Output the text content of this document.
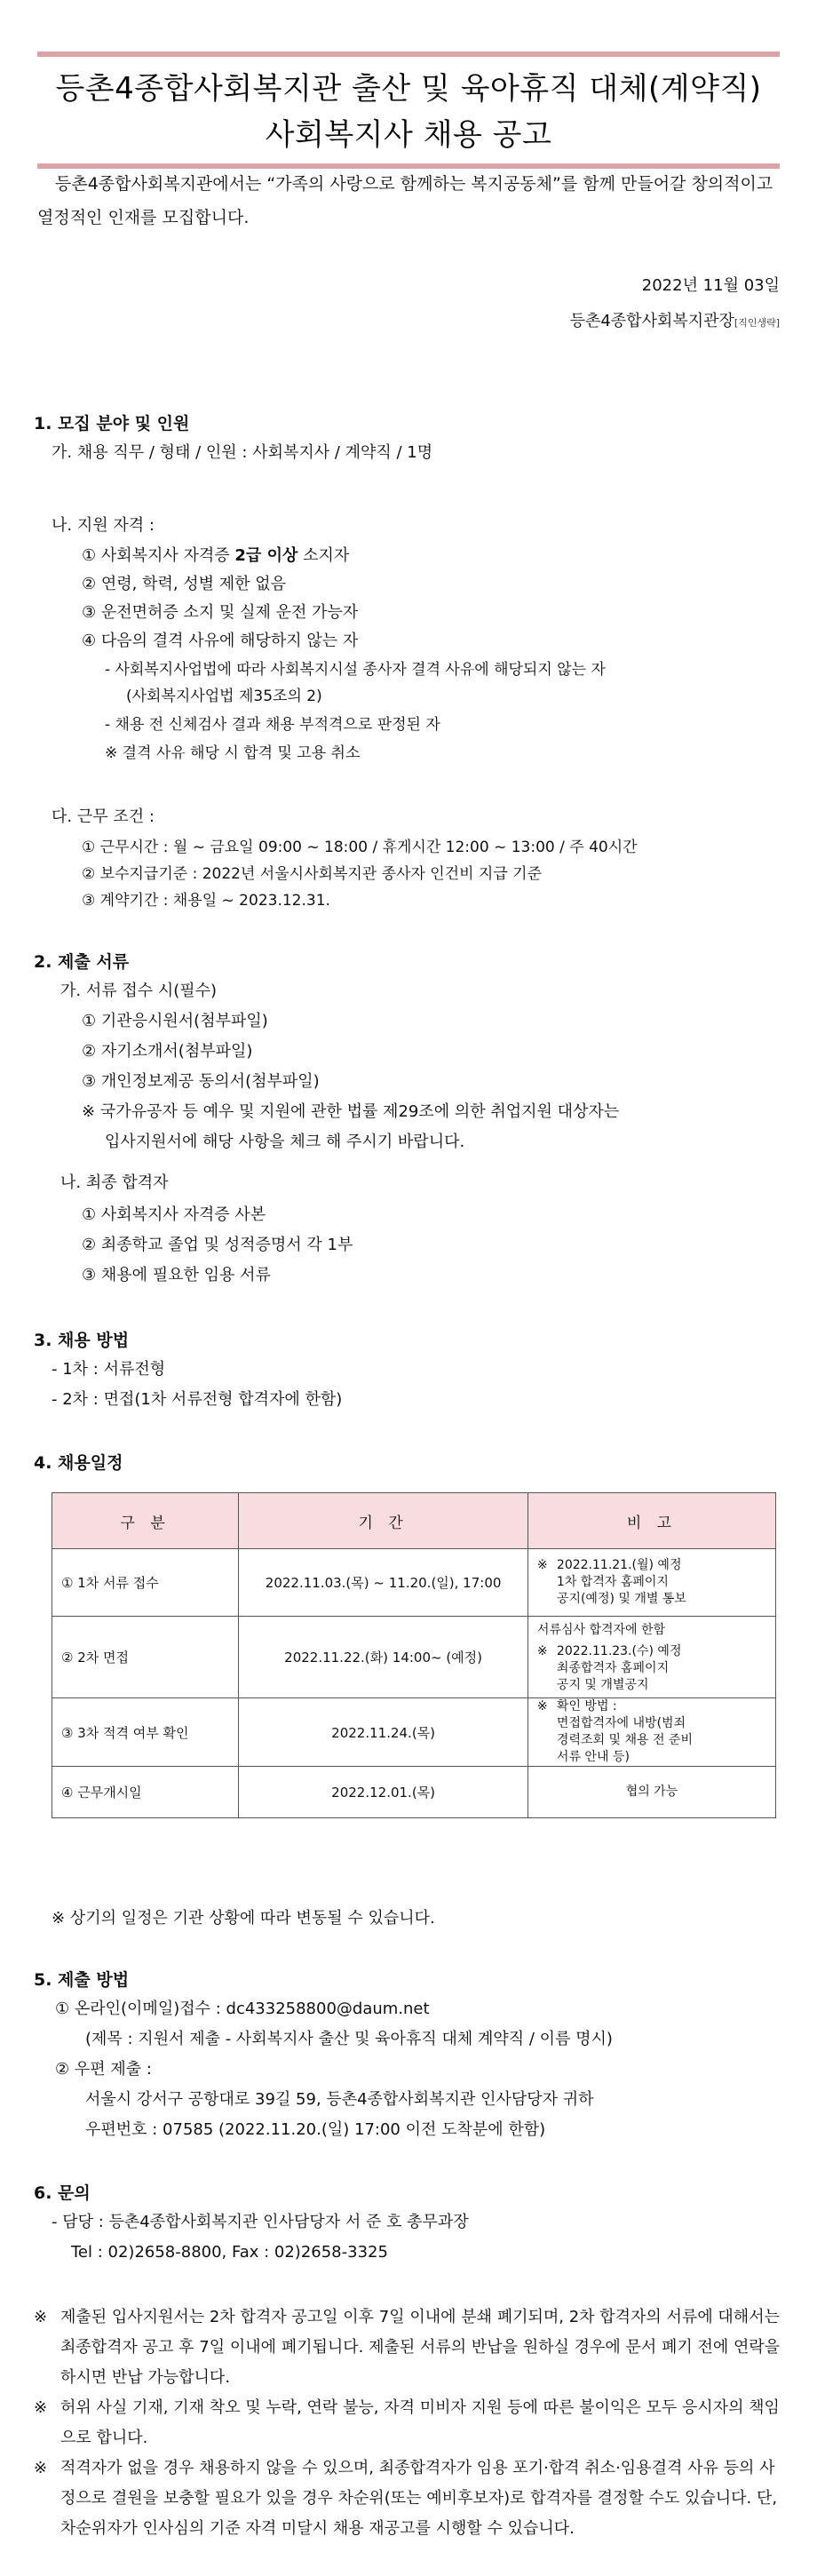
등촌4종합사회복지관 출산 및 육아휴직 대체(계약직)
사회복지사 채용 공고
등촌4종합사회복지관에서는 “가족의 사랑으로 함께하는 복지공동체”를 함께 만들어갈 창의적이고 열정적인 인재를 모집합니다.
2022년 11월 03일
등촌4종합사회복지관장[직인생략]
1. 모집 분야 및 인원
가. 채용 직무 / 형태 / 인원 : 사회복지사 / 계약직 / 1명
나. 지원 자격 :
① 사회복지사 자격증 2급 이상 소지자
② 연령, 학력, 성별 제한 없음
③ 운전면허증 소지 및 실제 운전 가능자
④ 다음의 결격 사유에 해당하지 않는 자
- 사회복지사업법에 따라 사회복지시설 종사자 결격 사유에 해당되지 않는 자
(사회복지사업법 제35조의 2)
- 채용 전 신체검사 결과 채용 부적격으로 판정된 자
※ 결격 사유 해당 시 합격 및 고용 취소
다. 근무 조건 :
① 근무시간 : 월 ~ 금요일 09:00 ~ 18:00 / 휴게시간 12:00 ~ 13:00 / 주 40시간
② 보수지급기준 : 2022년 서울시사회복지관 종사자 인건비 지급 기준
③ 계약기간 : 채용일 ~ 2023.12.31.
2. 제출 서류
가. 서류 접수 시(필수)
① 기관응시원서(첨부파일)
② 자기소개서(첨부파일)
③ 개인정보제공 동의서(첨부파일)
※ 국가유공자 등 예우 및 지원에 관한 법률 제29조에 의한 취업지원 대상자는
입사지원서에 해당 사항을 체크 해 주시기 바랍니다.
나. 최종 합격자
① 사회복지사 자격증 사본
② 최종학교 졸업 및 성적증명서 각 1부
③ 채용에 필요한 임용 서류
3. 채용 방법
- 1차 : 서류전형
- 2차 : 면접(1차 서류전형 합격자에 한함)
4. 채용일정
구 분	기 간	비 고
① 1차 서류 접수	2022.11.03.(목) ~ 11.20.(일), 17:00	※ 2022.11.21.(월) 예정
1차 합격자 홈페이지
공지(예정) 및 개별 통보

② 2차 면접	2022.11.22.(화) 14:00~ (예정)	서류심사 합격자에 한함
※ 2022.11.23.(수) 예정
최종합격자 홈페이지
공지 및 개별공지

③ 3차 적격 여부 확인	2022.11.24.(목)	※ 확인 방법 :
면접합격자에 내방(범죄
경력조회 및 채용 전 준비
서류 안내 등)

④ 근무개시일	2022.12.01.(목)	협의 가능
※ 상기의 일정은 기관 상황에 따라 변동될 수 있습니다.
5. 제출 방법
① 온라인(이메일)접수 : dc433258800@daum.net
(제목 : 지원서 제출 - 사회복지사 출산 및 육아휴직 대체 계약직 / 이름 명시)
② 우편 제출 :
서울시 강서구 공항대로 39길 59, 등촌4종합사회복지관 인사담당자 귀하
우편번호 : 07585 (2022.11.20.(일) 17:00 이전 도착분에 한함)
6. 문의
- 담당 : 등촌4종합사회복지관 인사담당자 서 준 호 총무과장
Tel : 02)2658-8800, Fax : 02)2658-3325
※ 제출된 입사지원서는 2차 합격자 공고일 이후 7일 이내에 분쇄 폐기되며, 2차 합격자의 서류에 대해서는 최종합격자 공고 후 7일 이내에 폐기됩니다. 제출된 서류의 반납을 원하실 경우에 문서 폐기 전에 연락을 하시면 반납 가능합니다.
※ 허위 사실 기재, 기재 착오 및 누락, 연락 불능, 자격 미비자 지원 등에 따른 불이익은 모두 응시자의 책임으로 합니다.
※ 적격자가 없을 경우 채용하지 않을 수 있으며, 최종합격자가 임용 포기·합격 취소·임용결격 사유 등의 사정으로 결원을 보충할 필요가 있을 경우 차순위(또는 예비후보자)로 합격자를 결정할 수도 있습니다. 단, 차순위자가 인사심의 기준 자격 미달시 채용 재공고를 시행할 수 있습니다.
